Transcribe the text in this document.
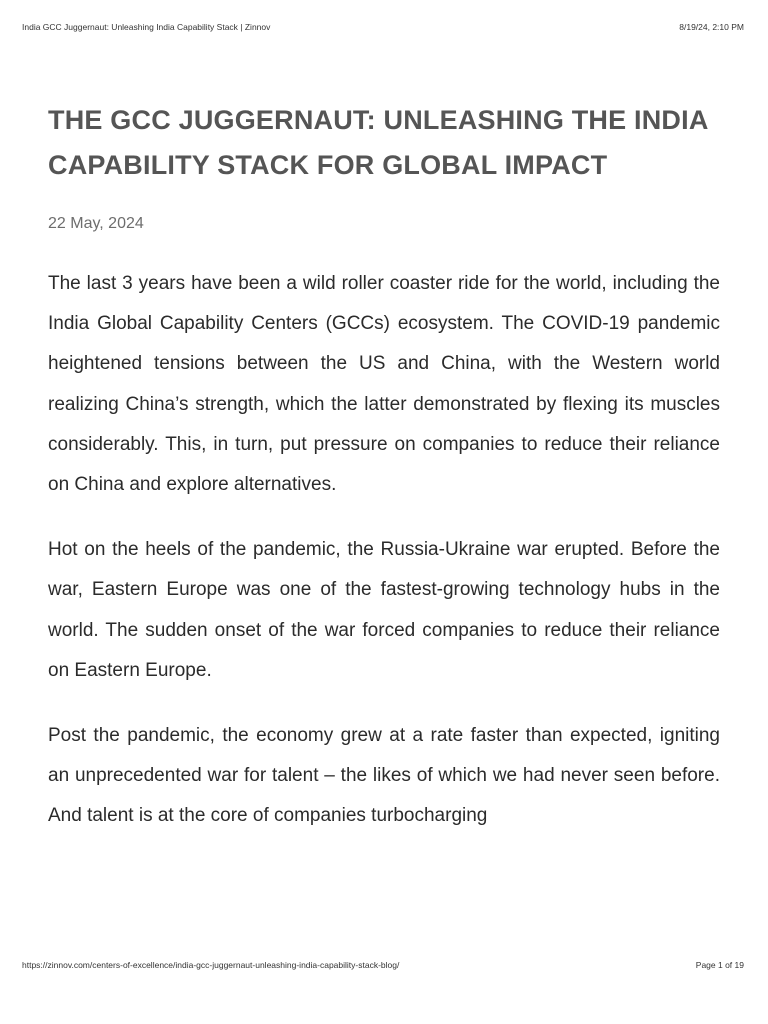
India GCC Juggernaut: Unleashing India Capability Stack | Zinnov	8/19/24, 2:10 PM
THE GCC JUGGERNAUT: UNLEASHING THE INDIA CAPABILITY STACK FOR GLOBAL IMPACT
22 May, 2024

The last 3 years have been a wild roller coaster ride for the world, including the India Global Capability Centers (GCCs) ecosystem. The COVID-19 pandemic heightened tensions between the US and China, with the Western world realizing China’s strength, which the latter demonstrated by flexing its muscles considerably. This, in turn, put pressure on companies to reduce their reliance on China and explore alternatives.

Hot on the heels of the pandemic, the Russia-Ukraine war erupted. Before the war, Eastern Europe was one of the fastest-growing technology hubs in the world. The sudden onset of the war forced companies to reduce their reliance on Eastern Europe.

Post the pandemic, the economy grew at a rate faster than expected, igniting an unprecedented war for talent – the likes of which we had never seen before. And talent is at the core of companies turbocharging

https://zinnov.com/centers-of-excellence/india-gcc-juggernaut-unleashing-india-capability-stack-blog/	Page 1 of 19
